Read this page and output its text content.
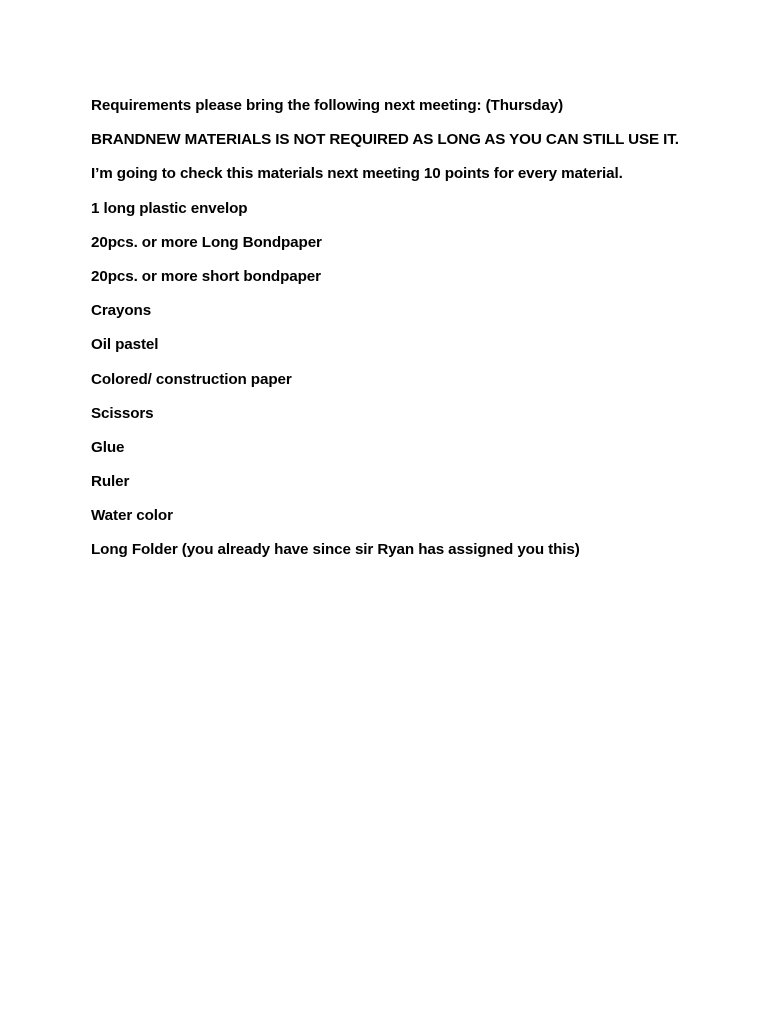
Requirements please bring the following next meeting: (Thursday)
BRANDNEW MATERIALS IS NOT REQUIRED AS LONG AS YOU CAN STILL USE IT.
I’m going to check this materials next meeting 10 points for every material.
1 long plastic envelop
20pcs. or more Long Bondpaper
20pcs. or more short bondpaper
Crayons
Oil pastel
Colored/ construction paper
Scissors
Glue
Ruler
Water color
Long Folder (you already have since sir Ryan has assigned you this)
